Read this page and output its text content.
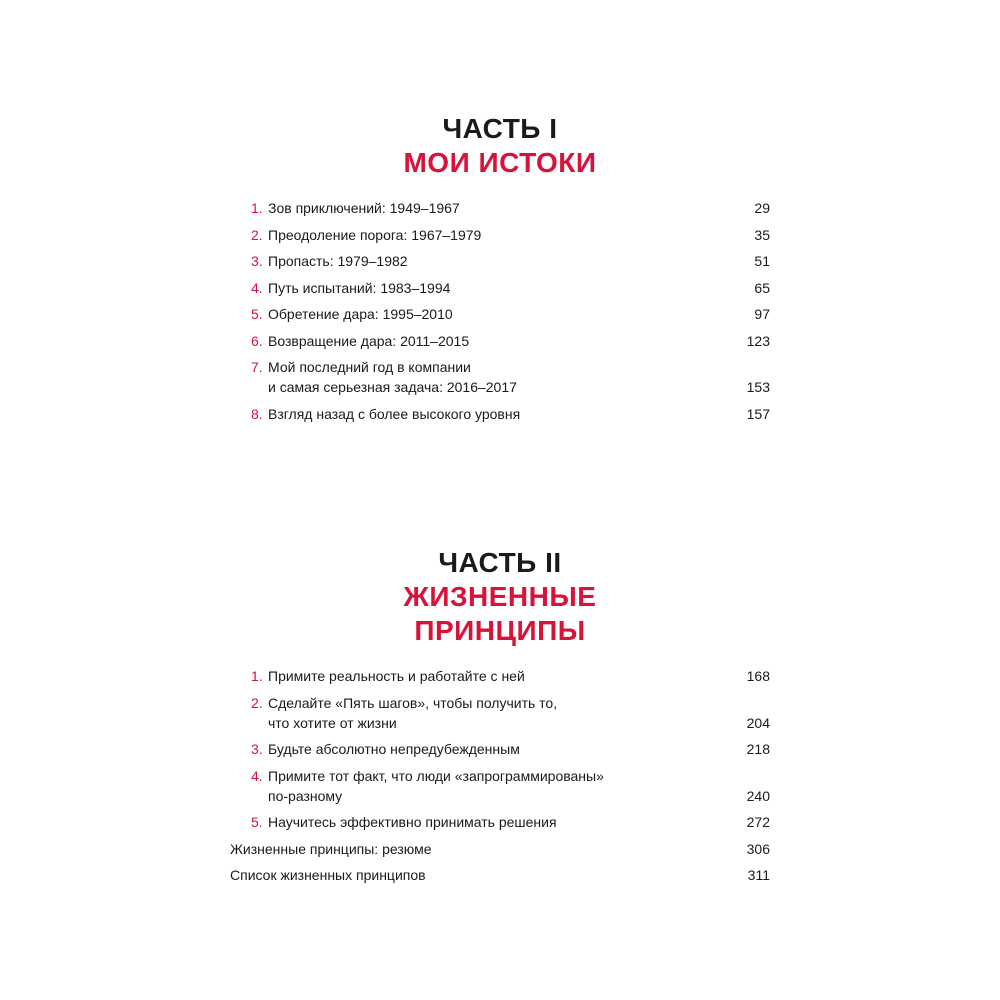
ЧАСТЬ I
МОИ ИСТОКИ
1. Зов приключений: 1949–1967	29
2. Преодоление порога: 1967–1979	35
3. Пропасть: 1979–1982	51
4. Путь испытаний: 1983–1994	65
5. Обретение дара: 1995–2010	97
6. Возвращение дара: 2011–2015	123
7. Мой последний год в компании
и самая серьезная задача: 2016–2017	153
8. Взгляд назад с более высокого уровня	157
ЧАСТЬ II
ЖИЗНЕННЫЕ
ПРИНЦИПЫ
1. Примите реальность и работайте с ней	168
2. Сделайте «Пять шагов», чтобы получить то,
что хотите от жизни	204
3. Будьте абсолютно непредубежденным	218
4. Примите тот факт, что люди «запрограммированы»
по-разному	240
5. Научитесь эффективно принимать решения	272
Жизненные принципы: резюме	306
Список жизненных принципов	311
